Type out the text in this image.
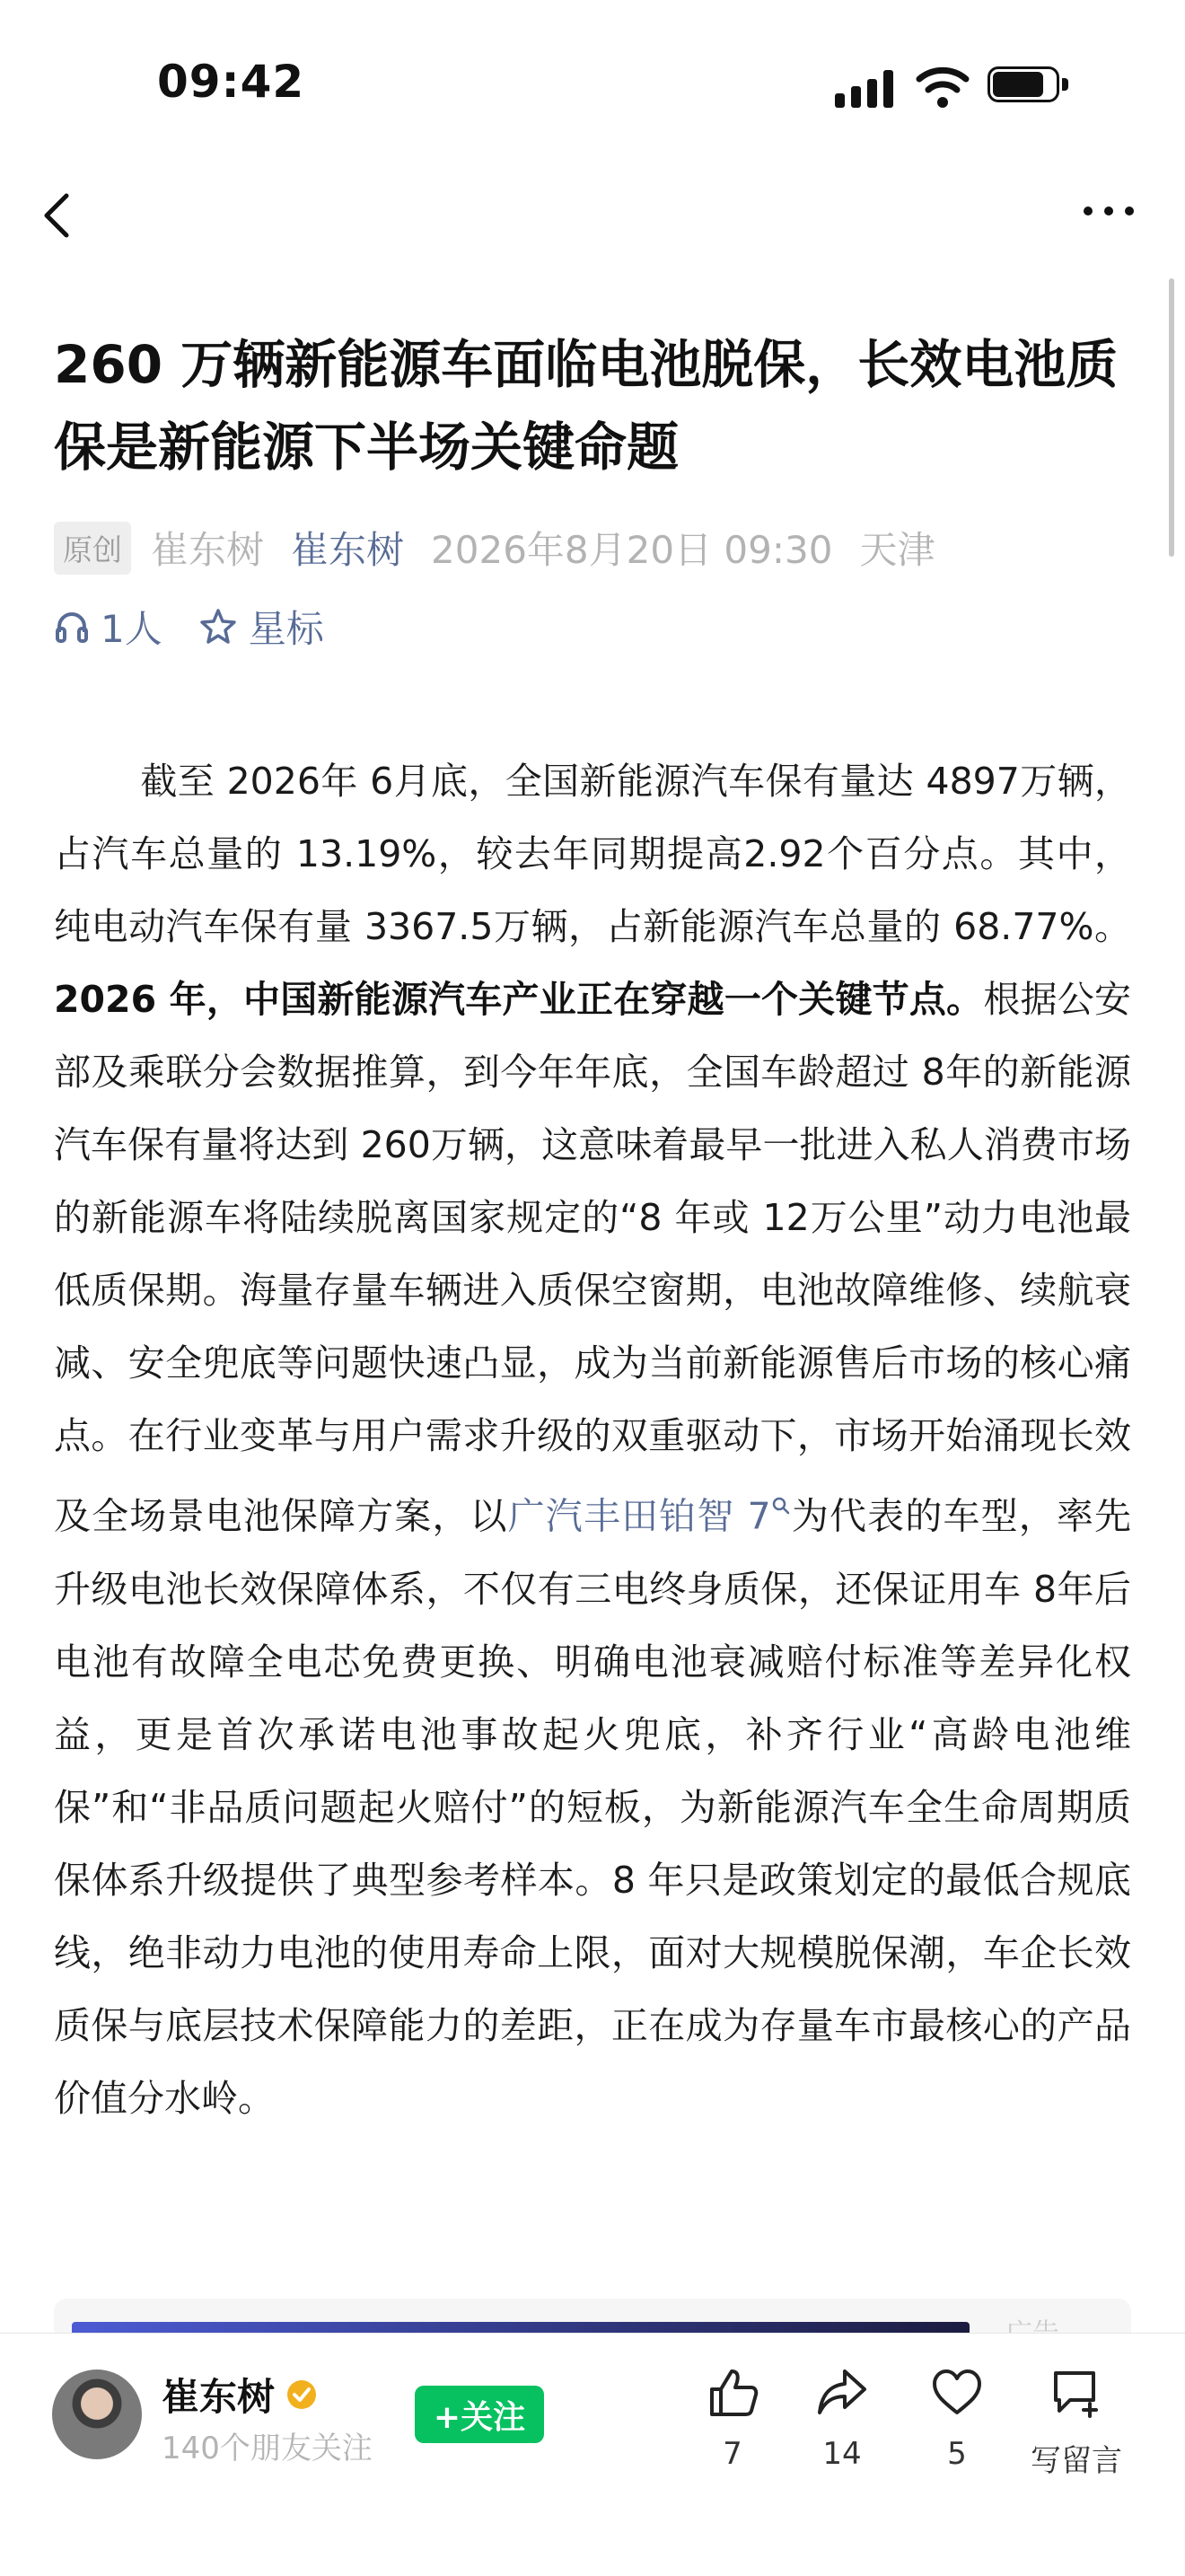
09:42
260 万辆新能源车面临电池脱保，长效电池质保是新能源下半场关键命题
原创 崔东树 崔东树 2026年8月20日 09:30 天津
1人 星标
截至 2026年 6月底，全国新能源汽车保有量达 4897万辆，占汽车总量的 13.19%，较去年同期提高2.92个百分点。其中，纯电动汽车保有量 3367.5万辆，占新能源汽车总量的 68.77%。2026 年，中国新能源汽车产业正在穿越一个关键节点。根据公安部及乘联分会数据推算，到今年年底，全国车龄超过 8年的新能源汽车保有量将达到 260万辆，这意味着最早一批进入私人消费市场的新能源车将陆续脱离国家规定的“8 年或 12万公里”动力电池最低质保期。海量存量车辆进入质保空窗期，电池故障维修、续航衰减、安全兜底等问题快速凸显，成为当前新能源售后市场的核心痛点。在行业变革与用户需求升级的双重驱动下，市场开始涌现长效及全场景电池保障方案，以广汽丰田铂智 7 为代表的车型，率先升级电池长效保障体系，不仅有三电终身质保，还保证用车 8年后电池有故障全电芯免费更换、明确电池衰减赔付标准等差异化权益，更是首次承诺电池事故起火兜底，补齐行业“高龄电池维保”和“非品质问题起火赔付”的短板，为新能源汽车全生命周期质保体系升级提供了典型参考样本。8 年只是政策划定的最低合规底线，绝非动力电池的使用寿命上限，面对大规模脱保潮，车企长效质保与底层技术保障能力的差距，正在成为存量车市最核心的产品价值分水岭。
崔东树
140个朋友关注
+关注
7	14	5	写留言
